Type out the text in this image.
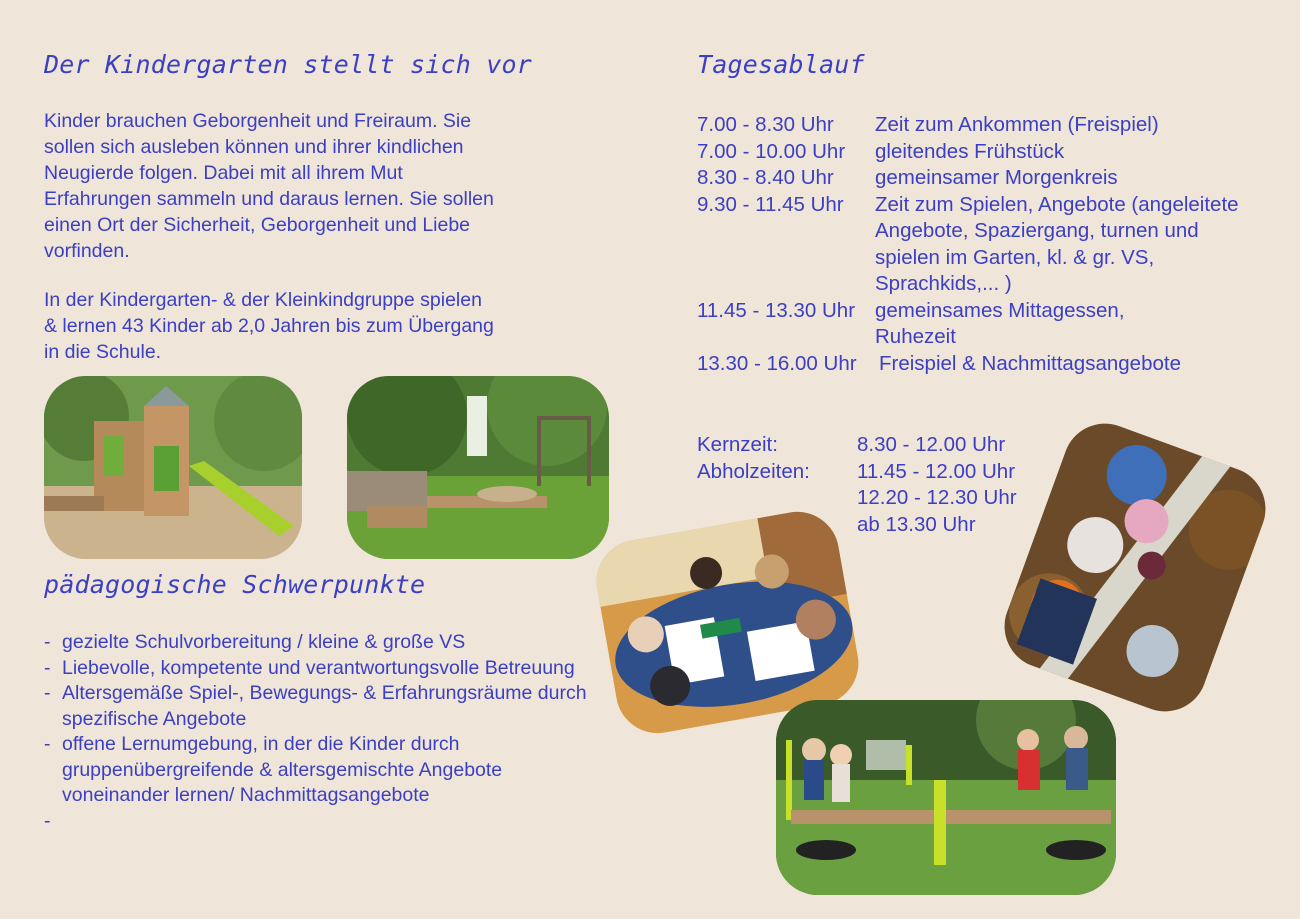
Der Kindergarten stellt sich vor

Kinder brauchen Geborgenheit und Freiraum. Sie
sollen sich ausleben können und ihrer kindlichen
Neugierde folgen. Dabei mit all ihrem Mut
Erfahrungen sammeln und daraus lernen. Sie sollen
einen Ort der Sicherheit, Geborgenheit und Liebe
vorfinden.

In der Kindergarten- & der Kleinkindgruppe spielen
& lernen 43 Kinder ab 2,0 Jahren bis zum Übergang
in die Schule.

pädagogische Schwerpunkte
- gezielte Schulvorbereitung / kleine & große VS
- Liebevolle, kompetente und verantwortungsvolle Betreuung
- Altersgemäße Spiel-, Bewegungs- & Erfahrungsräume durch spezifische Angebote
- offene Lernumgebung, in der die Kinder durch gruppenübergreifende & altersgemischte Angebote voneinander lernen/ Nachmittagsangebote
-
Tagesablauf
7.00 - 8.30 Uhr	Zeit zum Ankommen (Freispiel)
7.00 - 10.00 Uhr	gleitendes Frühstück
8.30 - 8.40 Uhr	gemeinsamer Morgenkreis
9.30 - 11.45 Uhr	Zeit zum Spielen, Angebote (angeleitete Angebote, Spaziergang, turnen und spielen im Garten, kl. & gr. VS, Sprachkids,... )
11.45 - 13.30 Uhr gemeinsames Mittagessen, Ruhezeit
13.30 - 16.00 Uhr	Freispiel & Nachmittagsangebote
Kernzeit:	8.30 - 12.00 Uhr
Abholzeiten:	11.45 - 12.00 Uhr
12.20 - 12.30 Uhr
ab 13.30 Uhr
